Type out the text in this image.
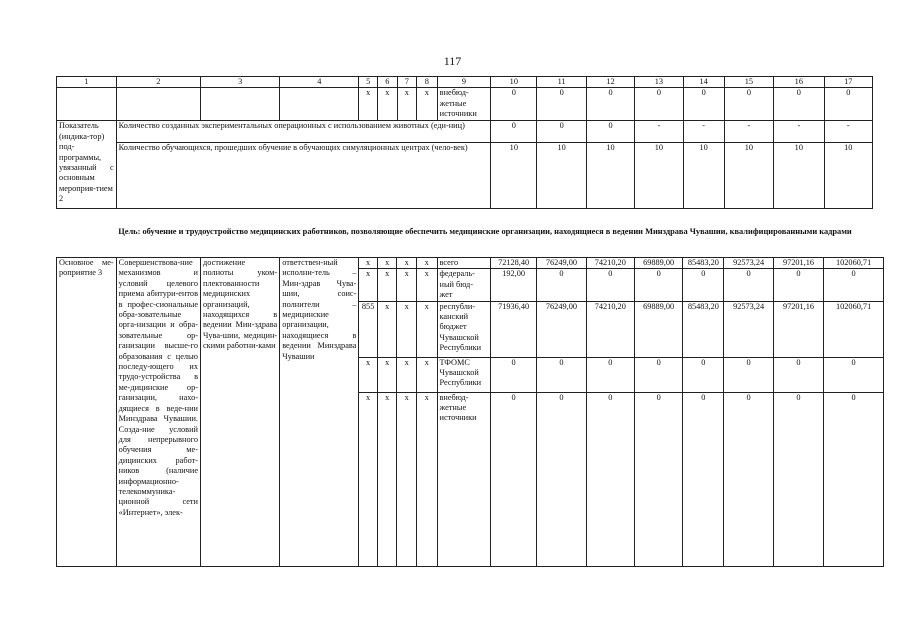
117
1	2	3	4	5	6	7	8	9	10	11	12	13	14	15	16	17
				x	x	x	x	внебюд-
жетные
источники	0	0	0	0	0	0	0	0
Показатель (индика-тор) под-программы, увязанный с основным мероприя-тием 2	Количество созданных экспериментальных операционных с использованием животных (еди-ниц)								0	0	0	-	-	-	-	-
	Количество обучающихся, прошедших обучение в обучающих симуляционных центрах (чело-век)								10	10	10	10	10	10	10	10
Цель: обучение и трудоустройство медицинских работников, позволяющие обеспечить медицинские организации, находящиеся в ведении Минздрава Чувашии, квалифицированными кадрами
Основное ме-роприятие 3	Совершенствова-ние механизмов и условий целевого приема абитури-ентов в профес-сиональные обра-зовательные орга-низации и обра-зовательные ор-ганизации высше-го образования с целью последу-ющего их трудо-устройства в ме-дицинские ор-ганизации, нахо-дящиеся в веде-нии Минздрава Чувашии. Созда-ние условий для непрерывного обучения ме-дицинских работ-ников (наличие информационно-телекоммуника-ционной сети «Интернет», элек-	достижение полноты уком-плектованности медицинских организаций, находящихся в ведении Мин-здрава Чува-шии, медицин-скими работни-ками	ответствен-ный исполни-тель – Мин-здрав Чува-шии, соис-полнители – медицинские организации, находящиеся в ведении Минздрава Чувашии	x	x	x	x	всего	72128,40	76249,00	74210,20	69889,00	85483,20	92573,24	97201,16	102060,71
				x	x	x	x	федераль-
ный бюд-
жет	192,00	0	0	0	0	0	0	0
				855	x	x	x	республи-
канский
бюджет
Чувашской
Республики	71936,40	76249,00	74210,20	69889,00	85483,20	92573,24	97201,16	102060,71
				x	x	x	x	ТФОМС
Чувашской
Республики	0	0	0	0	0	0	0	0
				x	x	x	x	внебюд-
жетные
источники	0	0	0	0	0	0	0	0
